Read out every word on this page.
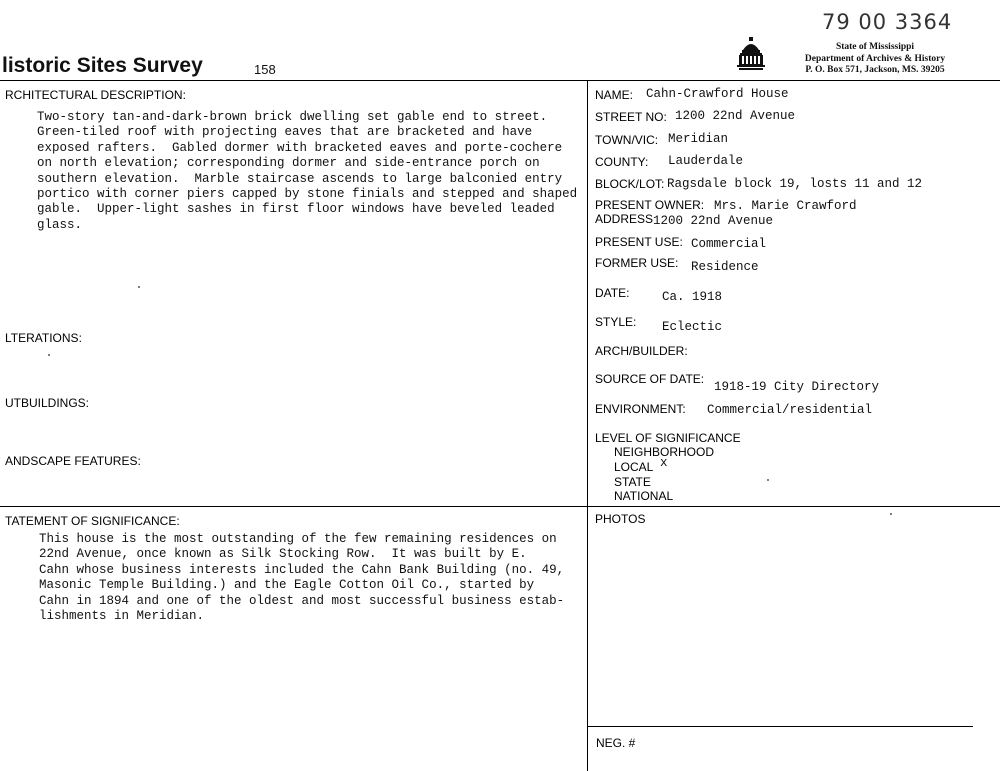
listoric Sites Survey	158
79 00 3364
State of Mississippi
Department of Archives & History
P. O. Box 571, Jackson, MS. 39205
RCHITECTURAL DESCRIPTION:
Two-story tan-and-dark-brown brick dwelling set gable end to street.
Green-tiled roof with projecting eaves that are bracketed and have
exposed rafters.  Gabled dormer with bracketed eaves and porte-cochere
on north elevation; corresponding dormer and side-entrance porch on
southern elevation.  Marble staircase ascends to large balconied entry
portico with corner piers capped by stone finials and stepped and shaped
gable.  Upper-light sashes in first floor windows have beveled leaded
glass.
LTERATIONS:
UTBUILDINGS:
ANDSCAPE FEATURES:
TATEMENT OF SIGNIFICANCE:
This house is the most outstanding of the few remaining residences on
22nd Avenue, once known as Silk Stocking Row.  It was built by E.
Cahn whose business interests included the Cahn Bank Building (no. 49,
Masonic Temple Building.) and the Eagle Cotton Oil Co., started by
Cahn in 1894 and one of the oldest and most successful business estab-
lishments in Meridian.
NAME: Cahn-Crawford House
STREET NO: 1200 22nd Avenue
TOWN/VIC: Meridian
COUNTY: Lauderdale
BLOCK/LOT: Ragsdale block 19, losts 11 and 12
PRESENT OWNER: Mrs. Marie Crawford
ADDRESS 1200 22nd Avenue
PRESENT USE: Commercial
FORMER USE: Residence
DATE:	Ca. 1918
STYLE: Eclectic
ARCH/BUILDER:
SOURCE OF DATE:
1918-19 City Directory
ENVIRONMENT: Commercial/residential
LEVEL OF SIGNIFICANCE
NEIGHBORHOOD
LOCAL x
STATE
NATIONAL
PHOTOS
NEG. #
